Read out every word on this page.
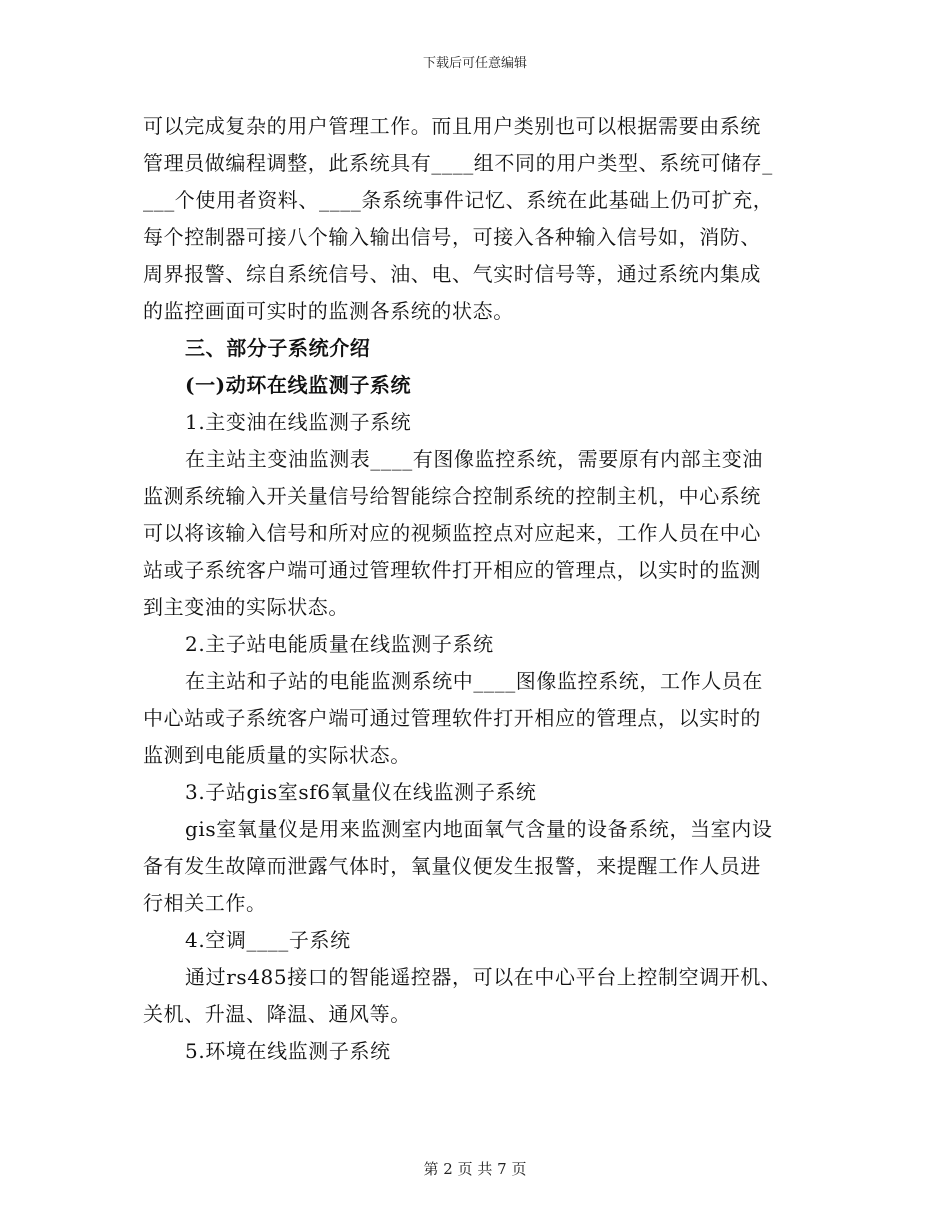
下载后可任意编辑
可以完成复杂的用户管理工作。而且用户类别也可以根据需要由系统
管理员做编程调整，此系统具有____组不同的用户类型、系统可储存_
___个使用者资料、____条系统事件记忆、系统在此基础上仍可扩充，
每个控制器可接八个输入输出信号，可接入各种输入信号如，消防、
周界报警、综自系统信号、油、电、气实时信号等，通过系统内集成
的监控画面可实时的监测各系统的状态。
三、部分子系统介绍
(一)动环在线监测子系统
1.主变油在线监测子系统
在主站主变油监测表____有图像监控系统，需要原有内部主变油
监测系统输入开关量信号给智能综合控制系统的控制主机，中心系统
可以将该输入信号和所对应的视频监控点对应起来，工作人员在中心
站或子系统客户端可通过管理软件打开相应的管理点，以实时的监测
到主变油的实际状态。
2.主子站电能质量在线监测子系统
在主站和子站的电能监测系统中____图像监控系统，工作人员在
中心站或子系统客户端可通过管理软件打开相应的管理点，以实时的
监测到电能质量的实际状态。
3.子站gis室sf6氧量仪在线监测子系统
gis室氧量仪是用来监测室内地面氧气含量的设备系统，当室内设
备有发生故障而泄露气体时，氧量仪便发生报警，来提醒工作人员进
行相关工作。
4.空调____子系统
通过rs485接口的智能遥控器，可以在中心平台上控制空调开机、
关机、升温、降温、通风等。
5.环境在线监测子系统
第 2 页 共 7 页
